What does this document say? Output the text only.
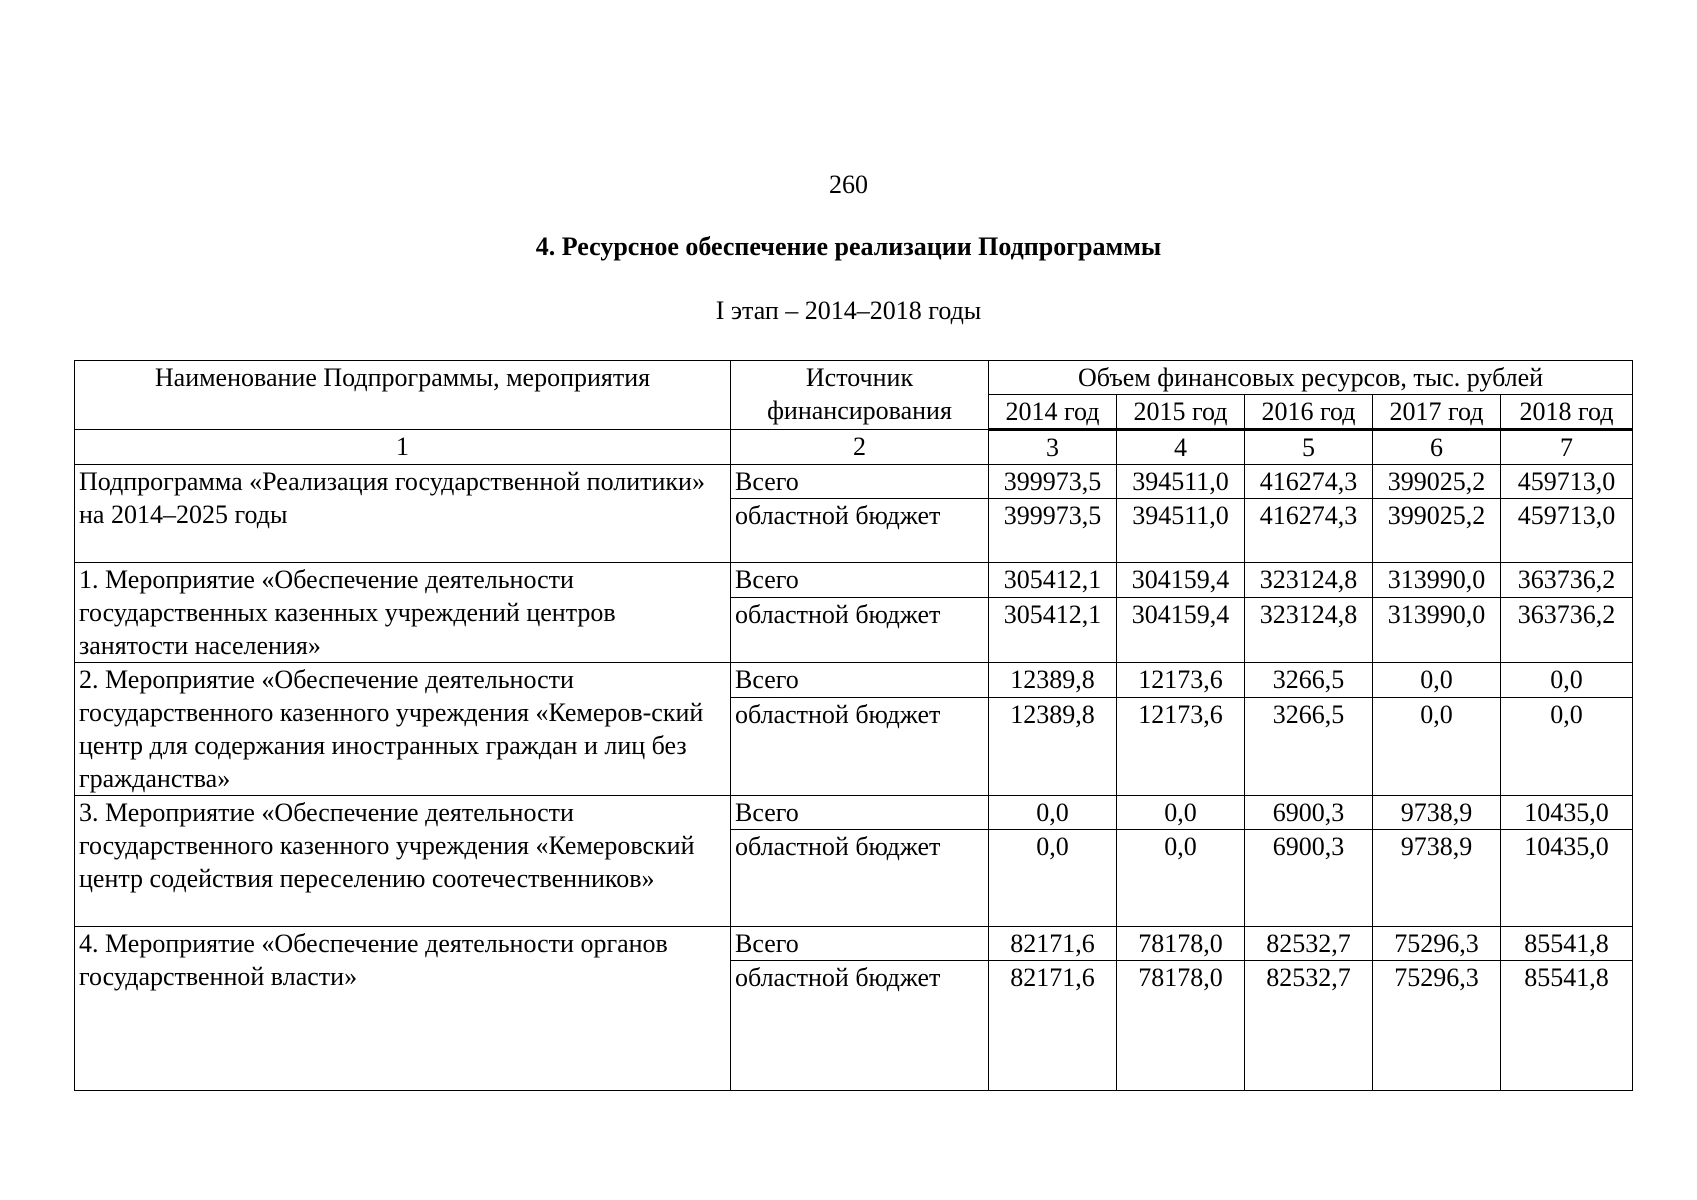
260
4. Ресурсное обеспечение реализации Подпрограммы
I этап – 2014–2018 годы
Наименование Подпрограммы, мероприятия	Источник финансирования	Объем финансовых ресурсов, тыс. рублей				
		2014 год	2015 год	2016 год	2017 год	2018 год
1	2	3	4	5	6	7
Подпрограмма «Реализация государственной политики» на 2014–2025 годы	Всего	399973,5	394511,0	416274,3	399025,2	459713,0
	областной бюджет	399973,5	394511,0	416274,3	399025,2	459713,0
1. Мероприятие «Обеспечение деятельности государственных казенных учреждений центров занятости населения»	Всего	305412,1	304159,4	323124,8	313990,0	363736,2
	областной бюджет	305412,1	304159,4	323124,8	313990,0	363736,2
2. Мероприятие «Обеспечение деятельности государственного казенного учреждения «Кемеров-ский центр для содержания иностранных граждан и лиц без гражданства»	Всего	12389,8	12173,6	3266,5	0,0	0,0
	областной бюджет	12389,8	12173,6	3266,5	0,0	0,0
3. Мероприятие «Обеспечение деятельности государственного казенного учреждения «Кемеровский центр содействия переселению соотечественников»	Всего	0,0	0,0	6900,3	9738,9	10435,0
	областной бюджет	0,0	0,0	6900,3	9738,9	10435,0
4. Мероприятие «Обеспечение деятельности органов государственной власти»	Всего	82171,6	78178,0	82532,7	75296,3	85541,8
	областной бюджет	82171,6	78178,0	82532,7	75296,3	85541,8
